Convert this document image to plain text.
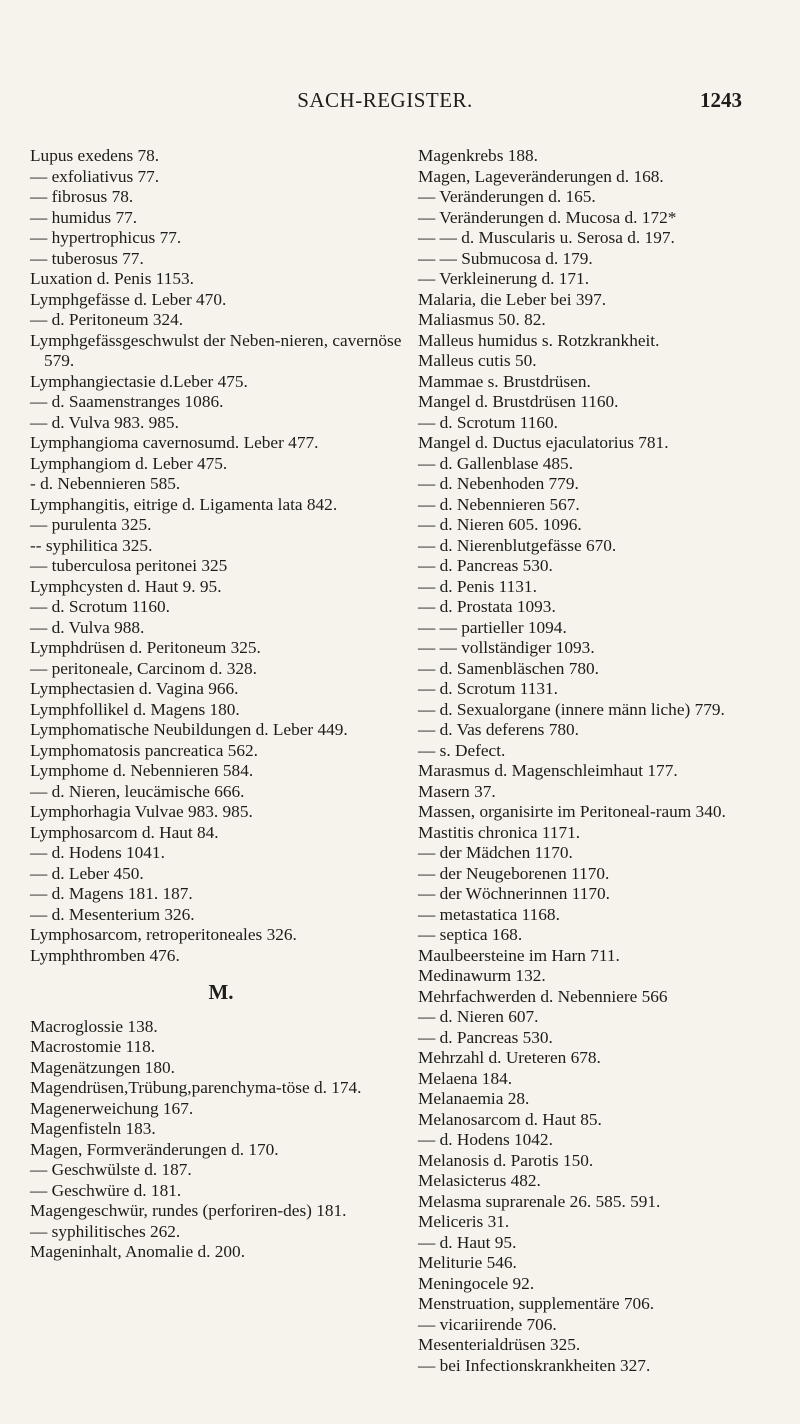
SACH-REGISTER.	1243
Lupus exedens 78.
— exfoliativus 77.
— fibrosus 78.
— humidus 77.
— hypertrophicus 77.
— tuberosus 77.
Luxation d. Penis 1153.
Lymphgefässe d. Leber 470.
— d. Peritoneum 324.
Lymphgefässgeschwulst der Neben-nieren, cavernöse 579.
Lymphangiectasie d.Leber 475.
— d. Saamenstranges 1086.
— d. Vulva 983. 985.
Lymphangioma cavernosumd. Leber 477.
Lymphangiom d. Leber 475.
- d. Nebennieren 585.
Lymphangitis, eitrige d. Ligamenta lata 842.
— purulenta 325.
-- syphilitica 325.
— tuberculosa peritonei 325
Lymphcysten d. Haut 9. 95.
— d. Scrotum 1160.
— d. Vulva 988.
Lymphdrüsen d. Peritoneum 325.
— peritoneale, Carcinom d. 328.
Lymphectasien d. Vagina 966.
Lymphfollikel d. Magens 180.
Lymphomatische Neubildungen d. Leber 449.
Lymphomatosis pancreatica 562.
Lymphome d. Nebennieren 584.
— d. Nieren, leucämische 666.
Lymphorhagia Vulvae 983. 985.
Lymphosarcom d. Haut 84.
— d. Hodens 1041.
— d. Leber 450.
— d. Magens 181. 187.
— d. Mesenterium 326.
Lymphosarcom, retroperitoneales 326.
Lymphthromben 476.
M.
Macroglossie 138.
Macrostomie 118.
Magenätzungen 180.
Magendrüsen,Trübung,parenchyma-töse d. 174.
Magenerweichung 167.
Magenfisteln 183.
Magen, Formveränderungen d. 170.
— Geschwülste d. 187.
— Geschwüre d. 181.
Magengeschwür, rundes (perforiren-des) 181.
— syphilitisches 262.
Mageninhalt, Anomalie d. 200.
Magenkrebs 188.
Magen, Lageveränderungen d. 168.
— Veränderungen d. 165.
— Veränderungen d. Mucosa d. 172*
— — d. Muscularis u. Serosa d. 197.
— — Submucosa d. 179.
— Verkleinerung d. 171.
Malaria, die Leber bei 397.
Maliasmus 50. 82.
Malleus humidus s. Rotzkrankheit.
Malleus cutis 50.
Mammae s. Brustdrüsen.
Mangel d. Brustdrüsen 1160.
— d. Scrotum 1160.
Mangel d. Ductus ejaculatorius 781.
— d. Gallenblase 485.
— d. Nebenhoden 779.
— d. Nebennieren 567.
— d. Nieren 605. 1096.
— d. Nierenblutgefässe 670.
— d. Pancreas 530.
— d. Penis 1131.
— d. Prostata 1093.
— — partieller 1094.
— — vollständiger 1093.
— d. Samenbläschen 780.
— d. Scrotum 1131.
— d. Sexualorgane (innere männ liche) 779.
— d. Vas deferens 780.
— s. Defect.
Marasmus d. Magenschleimhaut 177.
Masern 37.
Massen, organisirte im Peritoneal-raum 340.
Mastitis chronica 1171.
— der Mädchen 1170.
— der Neugeborenen 1170.
— der Wöchnerinnen 1170.
— metastatica 1168.
— septica 168.
Maulbeersteine im Harn 711.
Medinawurm 132.
Mehrfachwerden d. Nebenniere 566
— d. Nieren 607.
— d. Pancreas 530.
Mehrzahl d. Ureteren 678.
Melaena 184.
Melanaemia 28.
Melanosarcom d. Haut 85.
— d. Hodens 1042.
Melanosis d. Parotis 150.
Melasicterus 482.
Melasma suprarenale 26. 585. 591.
Meliceris 31.
— d. Haut 95.
Meliturie 546.
Meningocele 92.
Menstruation, supplementäre 706.
— vicariirende 706.
Mesenterialdrüsen 325.
— bei Infectionskrankheiten 327.
